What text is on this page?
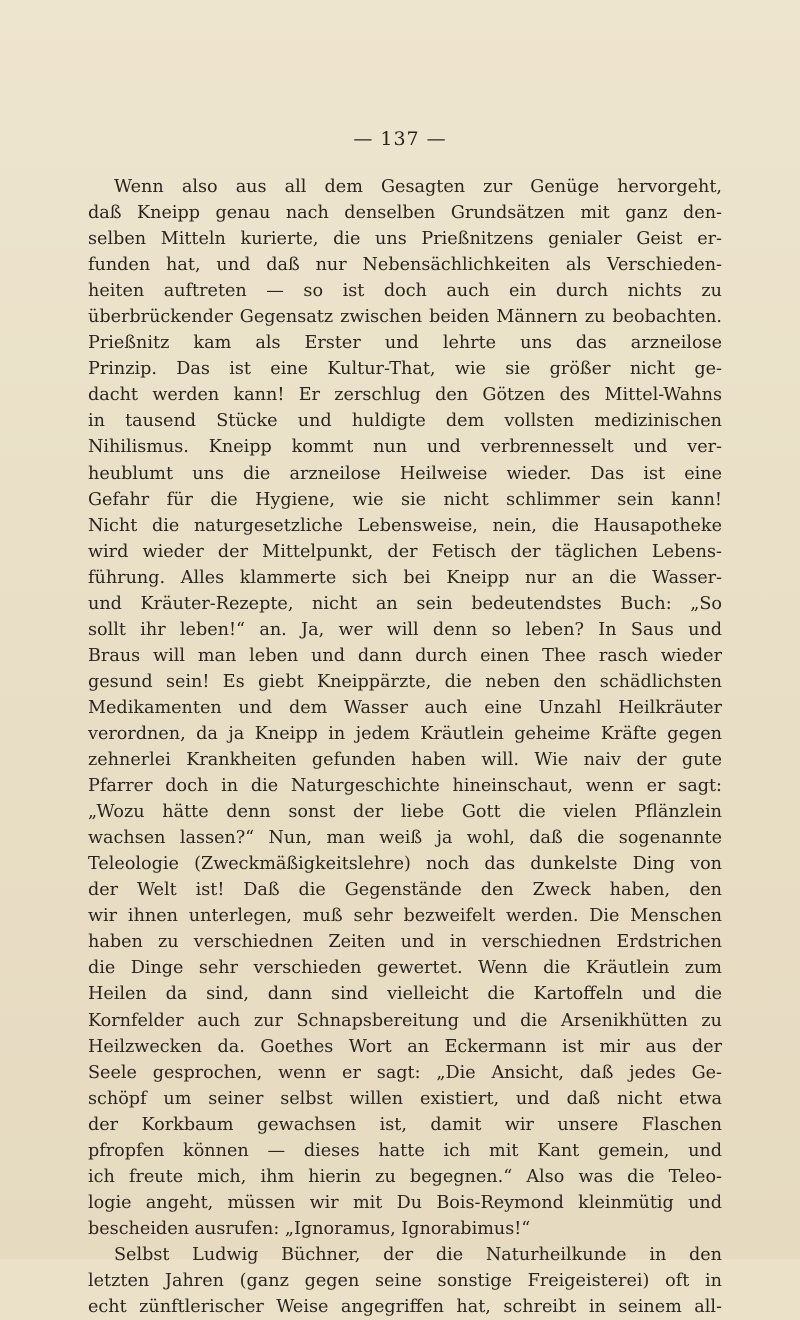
— 137 —
Wenn also aus all dem Gesagten zur Genüge hervorgeht,
daß Kneipp genau nach denselben Grundsätzen mit ganz den-
selben Mitteln kurierte, die uns Prießnitzens genialer Geist er-
funden hat, und daß nur Nebensächlichkeiten als Verschieden-
heiten auftreten — so ist doch auch ein durch nichts zu
überbrückender Gegensatz zwischen beiden Männern zu beobachten.
Prießnitz kam als Erster und lehrte uns das arzneilose
Prinzip. Das ist eine Kultur-That, wie sie größer nicht ge-
dacht werden kann! Er zerschlug den Götzen des Mittel-Wahns
in tausend Stücke und huldigte dem vollsten medizinischen
Nihilismus. Kneipp kommt nun und verbrennesselt und ver-
heublumt uns die arzneilose Heilweise wieder. Das ist eine
Gefahr für die Hygiene, wie sie nicht schlimmer sein kann!
Nicht die naturgesetzliche Lebensweise, nein, die Hausapotheke
wird wieder der Mittelpunkt, der Fetisch der täglichen Lebens-
führung. Alles klammerte sich bei Kneipp nur an die Wasser-
und Kräuter-Rezepte, nicht an sein bedeutendstes Buch: „So
sollt ihr leben!“ an. Ja, wer will denn so leben? In Saus und
Braus will man leben und dann durch einen Thee rasch wieder
gesund sein! Es giebt Kneippärzte, die neben den schädlichsten
Medikamenten und dem Wasser auch eine Unzahl Heilkräuter
verordnen, da ja Kneipp in jedem Kräutlein geheime Kräfte gegen
zehnerlei Krankheiten gefunden haben will. Wie naiv der gute
Pfarrer doch in die Naturgeschichte hineinschaut, wenn er sagt:
„Wozu hätte denn sonst der liebe Gott die vielen Pflänzlein
wachsen lassen?“ Nun, man weiß ja wohl, daß die sogenannte
Teleologie (Zweckmäßigkeitslehre) noch das dunkelste Ding von
der Welt ist! Daß die Gegenstände den Zweck haben, den
wir ihnen unterlegen, muß sehr bezweifelt werden. Die Menschen
haben zu verschiednen Zeiten und in verschiednen Erdstrichen
die Dinge sehr verschieden gewertet. Wenn die Kräutlein zum
Heilen da sind, dann sind vielleicht die Kartoffeln und die
Kornfelder auch zur Schnapsbereitung und die Arsenikhütten zu
Heilzwecken da. Goethes Wort an Eckermann ist mir aus der
Seele gesprochen, wenn er sagt: „Die Ansicht, daß jedes Ge-
schöpf um seiner selbst willen existiert, und daß nicht etwa
der Korkbaum gewachsen ist, damit wir unsere Flaschen
pfropfen können — dieses hatte ich mit Kant gemein, und
ich freute mich, ihm hierin zu begegnen.“ Also was die Teleo-
logie angeht, müssen wir mit Du Bois-Reymond kleinmütig und
bescheiden ausrufen: „Ignoramus, Ignorabimus!“
Selbst Ludwig Büchner, der die Naturheilkunde in den
letzten Jahren (ganz gegen seine sonstige Freigeisterei) oft in
echt zünftlerischer Weise angegriffen hat, schreibt in seinem all-
